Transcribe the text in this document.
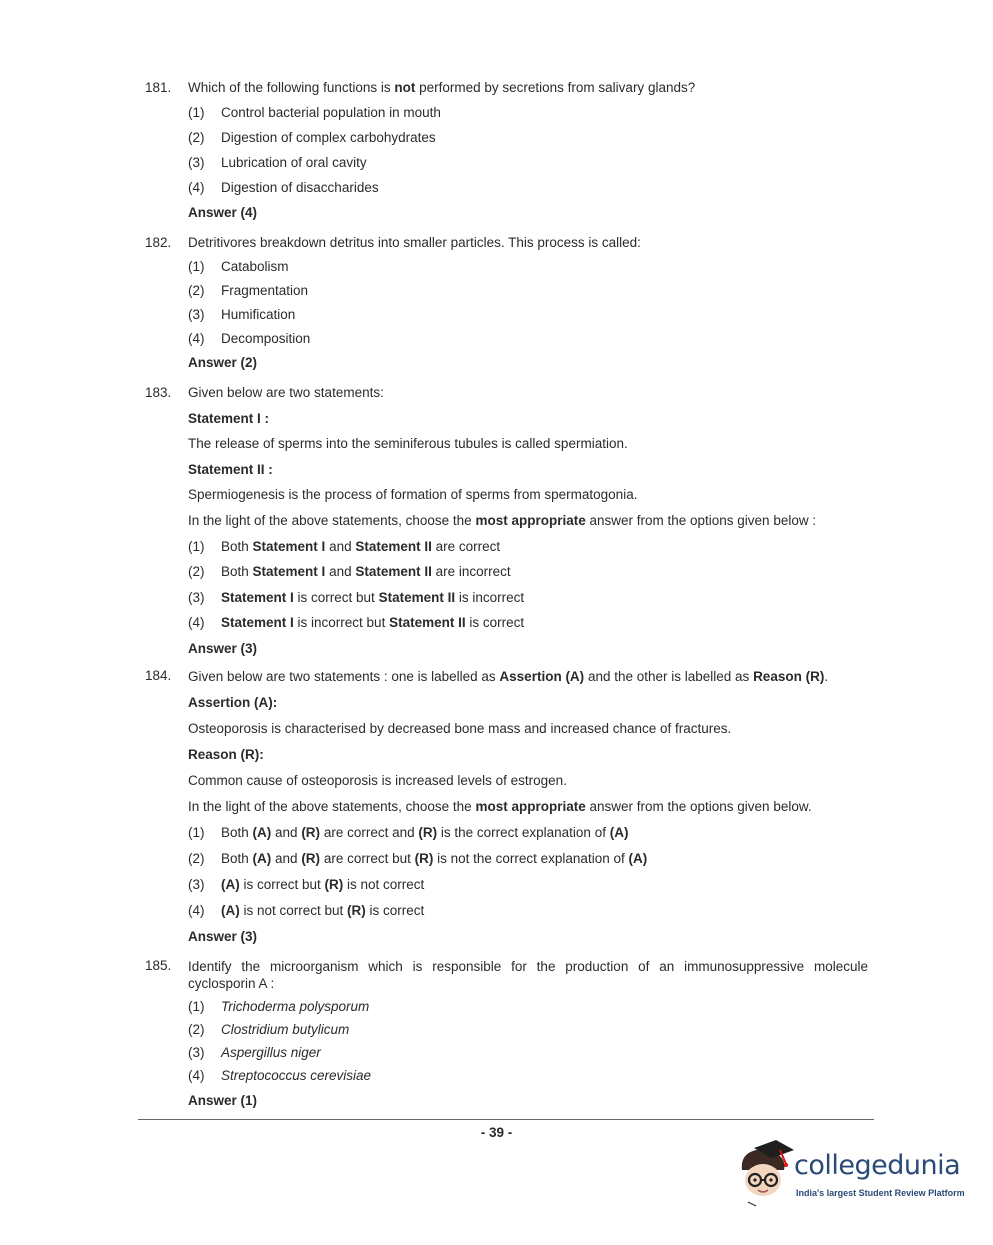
181. Which of the following functions is not performed by secretions from salivary glands?
(1) Control bacterial population in mouth
(2) Digestion of complex carbohydrates
(3) Lubrication of oral cavity
(4) Digestion of disaccharides
Answer (4)
182. Detritivores breakdown detritus into smaller particles. This process is called:
(1) Catabolism
(2) Fragmentation
(3) Humification
(4) Decomposition
Answer (2)
183. Given below are two statements:
Statement I :
The release of sperms into the seminiferous tubules is called spermiation.
Statement II :
Spermiogenesis is the process of formation of sperms from spermatogonia.
In the light of the above statements, choose the most appropriate answer from the options given below :
(1) Both Statement I and Statement II are correct
(2) Both Statement I and Statement II are incorrect
(3) Statement I is correct but Statement II is incorrect
(4) Statement I is incorrect but Statement II is correct
Answer (3)
184. Given below are two statements : one is labelled as Assertion (A) and the other is labelled as Reason (R).
Assertion (A):
Osteoporosis is characterised by decreased bone mass and increased chance of fractures.
Reason (R):
Common cause of osteoporosis is increased levels of estrogen.
In the light of the above statements, choose the most appropriate answer from the options given below.
(1) Both (A) and (R) are correct and (R) is the correct explanation of (A)
(2) Both (A) and (R) are correct but (R) is not the correct explanation of (A)
(3) (A) is correct but (R) is not correct
(4) (A) is not correct but (R) is correct
Answer (3)
185. Identify the microorganism which is responsible for the production of an immunosuppressive molecule
cyclosporin A :
(1) Trichoderma polysporum
(2) Clostridium butylicum
(3) Aspergillus niger
(4) Streptococcus cerevisiae
Answer (1)
- 39 -
collegedunia
India's largest Student Review Platform
